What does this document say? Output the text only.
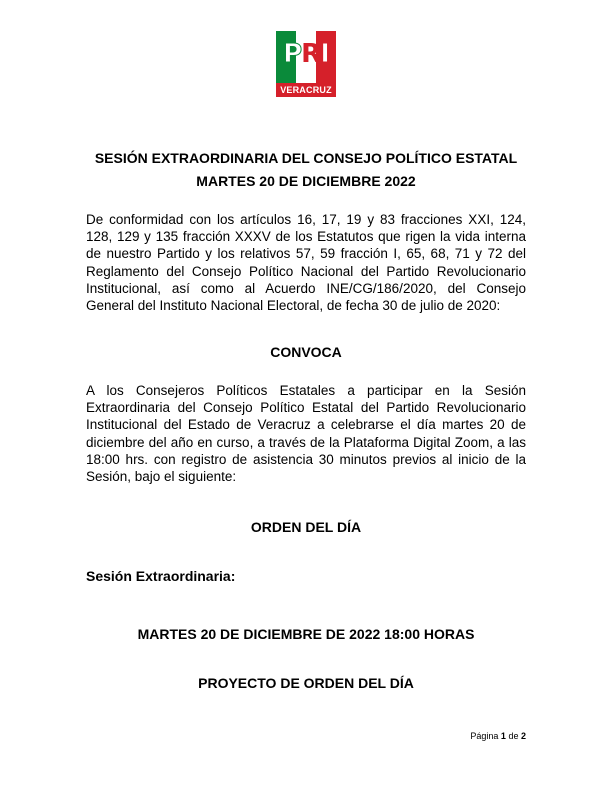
PRI
VERACRUZ
SESIÓN EXTRAORDINARIA DEL CONSEJO POLÍTICO ESTATAL
MARTES 20 DE DICIEMBRE 2022
De conformidad con los artículos 16, 17, 19 y 83 fracciones XXI, 124, 128, 129 y 135 fracción XXXV de los Estatutos que rigen la vida interna de nuestro Partido y los relativos 57, 59 fracción I, 65, 68, 71 y 72 del Reglamento del Consejo Político Nacional del Partido Revolucionario Institucional, así como al Acuerdo INE/CG/186/2020, del Consejo General del Instituto Nacional Electoral, de fecha 30 de julio de 2020:
CONVOCA
A los Consejeros Políticos Estatales a participar en la Sesión Extraordinaria del Consejo Político Estatal del Partido Revolucionario Institucional del Estado de Veracruz a celebrarse el día martes 20 de diciembre del año en curso, a través de la Plataforma Digital Zoom, a las 18:00 hrs. con registro de asistencia 30 minutos previos al inicio de la Sesión, bajo el siguiente:
ORDEN DEL DÍA
Sesión Extraordinaria:
MARTES 20 DE DICIEMBRE DE 2022 18:00 HORAS
PROYECTO DE ORDEN DEL DÍA
Página 1 de 2
